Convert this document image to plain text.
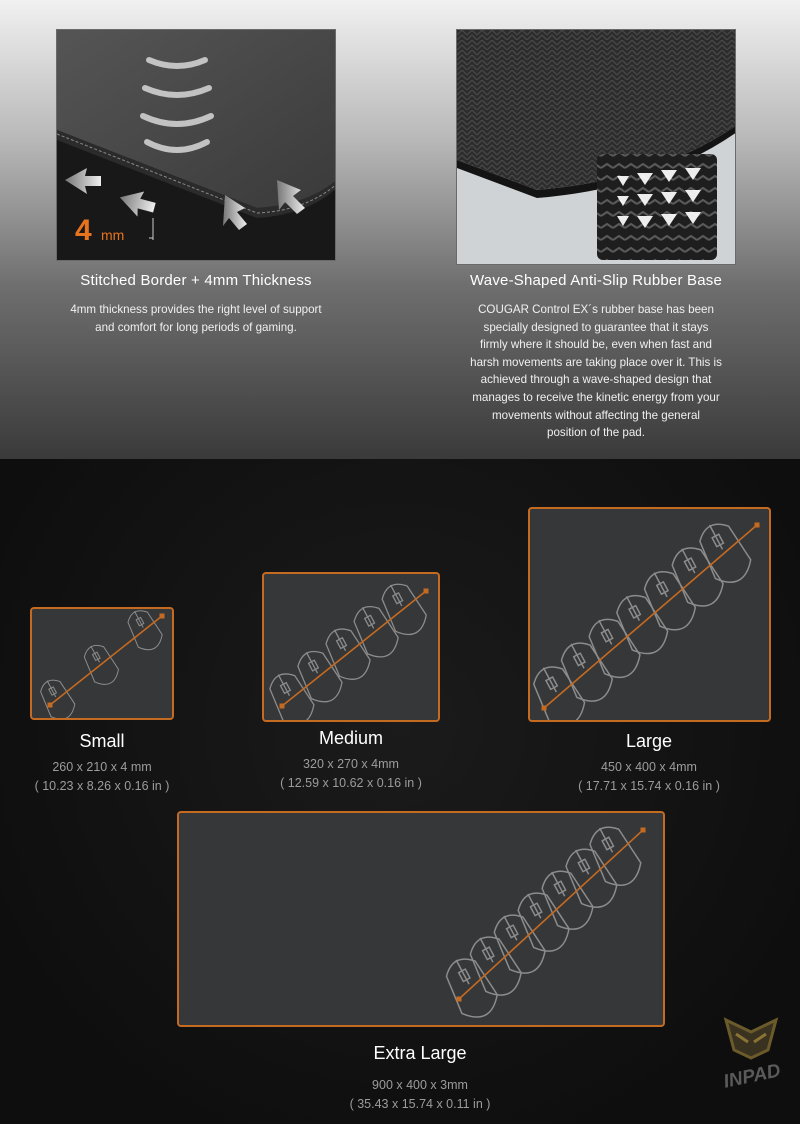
4 mm
Stitched Border + 4mm Thickness
4mm thickness provides the right level of support
and comfort for long periods of gaming.
Wave-Shaped Anti-Slip Rubber Base
COUGAR Control EX´s rubber base has been
specially designed to guarantee that it stays
firmly where it should be, even when fast and
harsh movements are taking place over it. This is
achieved through a wave-shaped design that
manages to receive the kinetic energy from your
movements without affecting the general
position of the pad.
Small
260 x 210 x 4 mm
( 10.23 x 8.26 x 0.16 in )
Medium
320 x 270 x 4mm
( 12.59 x 10.62 x 0.16 in )
Large
450 x 400 x 4mm
( 17.71 x 15.74 x 0.16 in )
Extra Large
900 x 400 x 3mm
( 35.43 x 15.74 x 0.11 in )
INPAD
